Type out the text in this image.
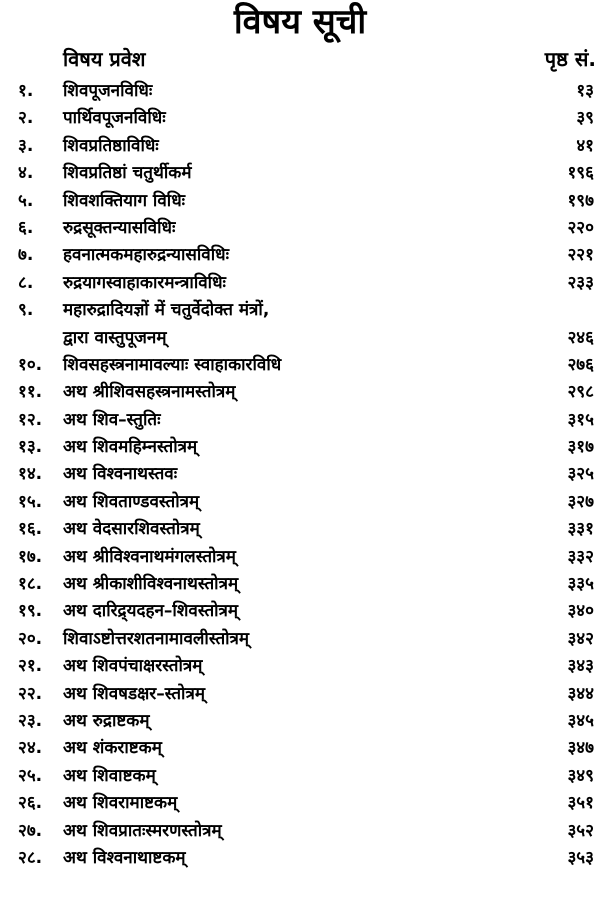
विषय सूची
विषय प्रवेश	पृष्ठ सं.
१.	शिवपूजनविधिः	१३
२.	पार्थिवपूजनविधिः	३९
३.	शिवप्रतिष्ठाविधिः	४१
४.	शिवप्रतिष्ठां चतुर्थीकर्म	१९६
५.	शिवशक्तियाग विधिः	१९७
६.	रुद्रसूक्तन्यासविधिः	२२०
७.	हवनात्मकमहारुद्रन्यासविधिः	२२१
८.	रुद्रयागस्वाहाकारमन्त्राविधिः	२३३
९.	महारुद्रादियज्ञों में चतुर्वेदोक्त मंत्रों,
द्वारा वास्तुपूजनम्	२४६
१०.	शिवसहस्त्रनामावल्याः स्वाहाकारविधि	२७६
११.	अथ श्रीशिवसहस्त्रनामस्तोत्रम्	२९८
१२.	अथ शिव–स्तुतिः	३१५
१३.	अथ शिवमहिम्नस्तोत्रम्	३१७
१४.	अथ विश्वनाथस्तवः	३२५
१५.	अथ शिवताण्डवस्तोत्रम्	३२७
१६.	अथ वेदसारशिवस्तोत्रम्	३३१
१७.	अथ श्रीविश्वनाथमंगलस्तोत्रम्	३३२
१८.	अथ श्रीकाशीविश्वनाथस्तोत्रम्	३३५
१९.	अथ दारिद्र्यदहन–शिवस्तोत्रम्	३४०
२०.	शिवाऽष्टोत्तरशतनामावलीस्तोत्रम्	३४२
२१.	अथ शिवपंचाक्षरस्तोत्रम्	३४३
२२.	अथ शिवषडक्षर–स्तोत्रम्	३४४
२३.	अथ रुद्राष्टकम्	३४५
२४.	अथ शंकराष्टकम्	३४७
२५.	अथ शिवाष्टकम्	३४९
२६.	अथ शिवरामाष्टकम्	३५१
२७.	अथ शिवप्रातःस्मरणस्तोत्रम्	३५२
२८.	अथ विश्वनाथाष्टकम्	३५३
